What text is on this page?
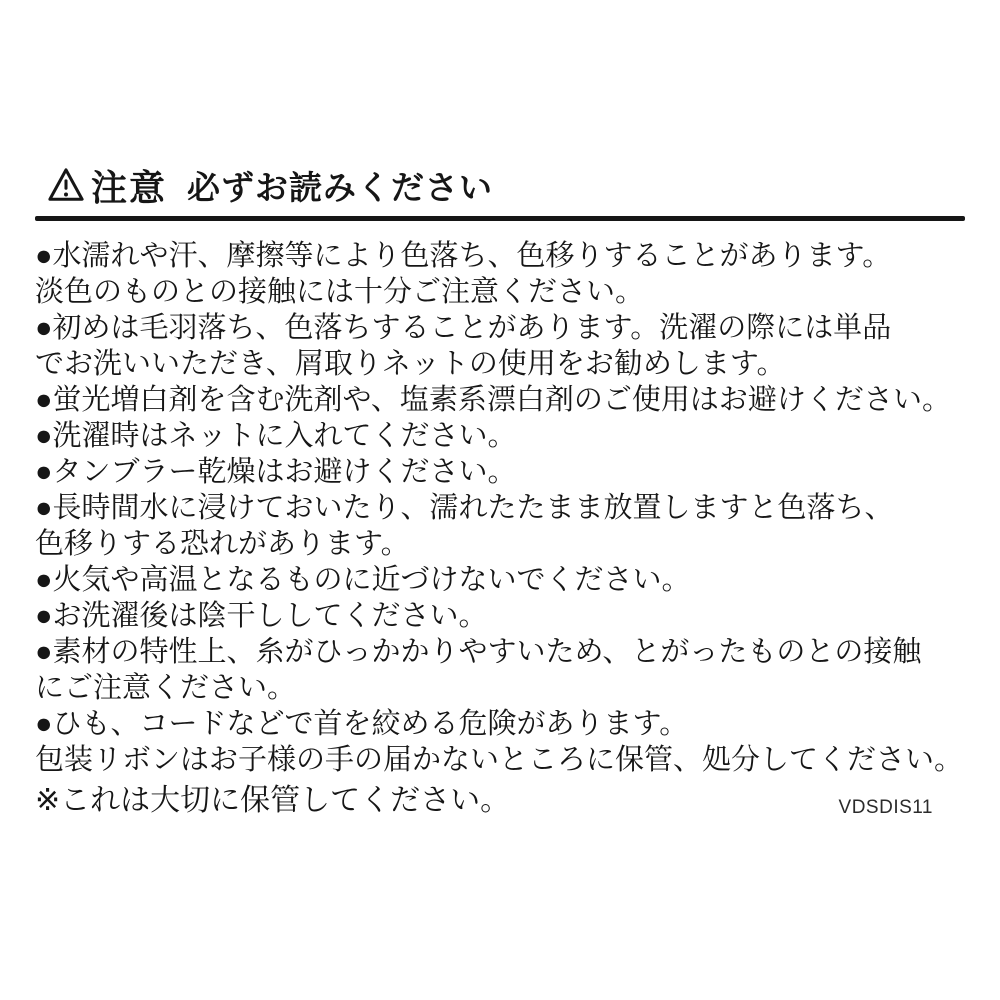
注意 必ずお読みください
●水濡れや汗、摩擦等により色落ち、色移りすることがあります。
淡色のものとの接触には十分ご注意ください。
●初めは毛羽落ち、色落ちすることがあります。洗濯の際には単品
でお洗いいただき、屑取りネットの使用をお勧めします。
●蛍光増白剤を含む洗剤や、塩素系漂白剤のご使用はお避けください。
●洗濯時はネットに入れてください。
●タンブラー乾燥はお避けください。
●長時間水に浸けておいたり、濡れたたまま放置しますと色落ち、
色移りする恐れがあります。
●火気や高温となるものに近づけないでください。
●お洗濯後は陰干ししてください。
●素材の特性上、糸がひっかかりやすいため、とがったものとの接触
にご注意ください。
●ひも、コードなどで首を絞める危険があります。
包装リボンはお子様の手の届かないところに保管、処分してください。
※これは大切に保管してください。	VDSDIS11
